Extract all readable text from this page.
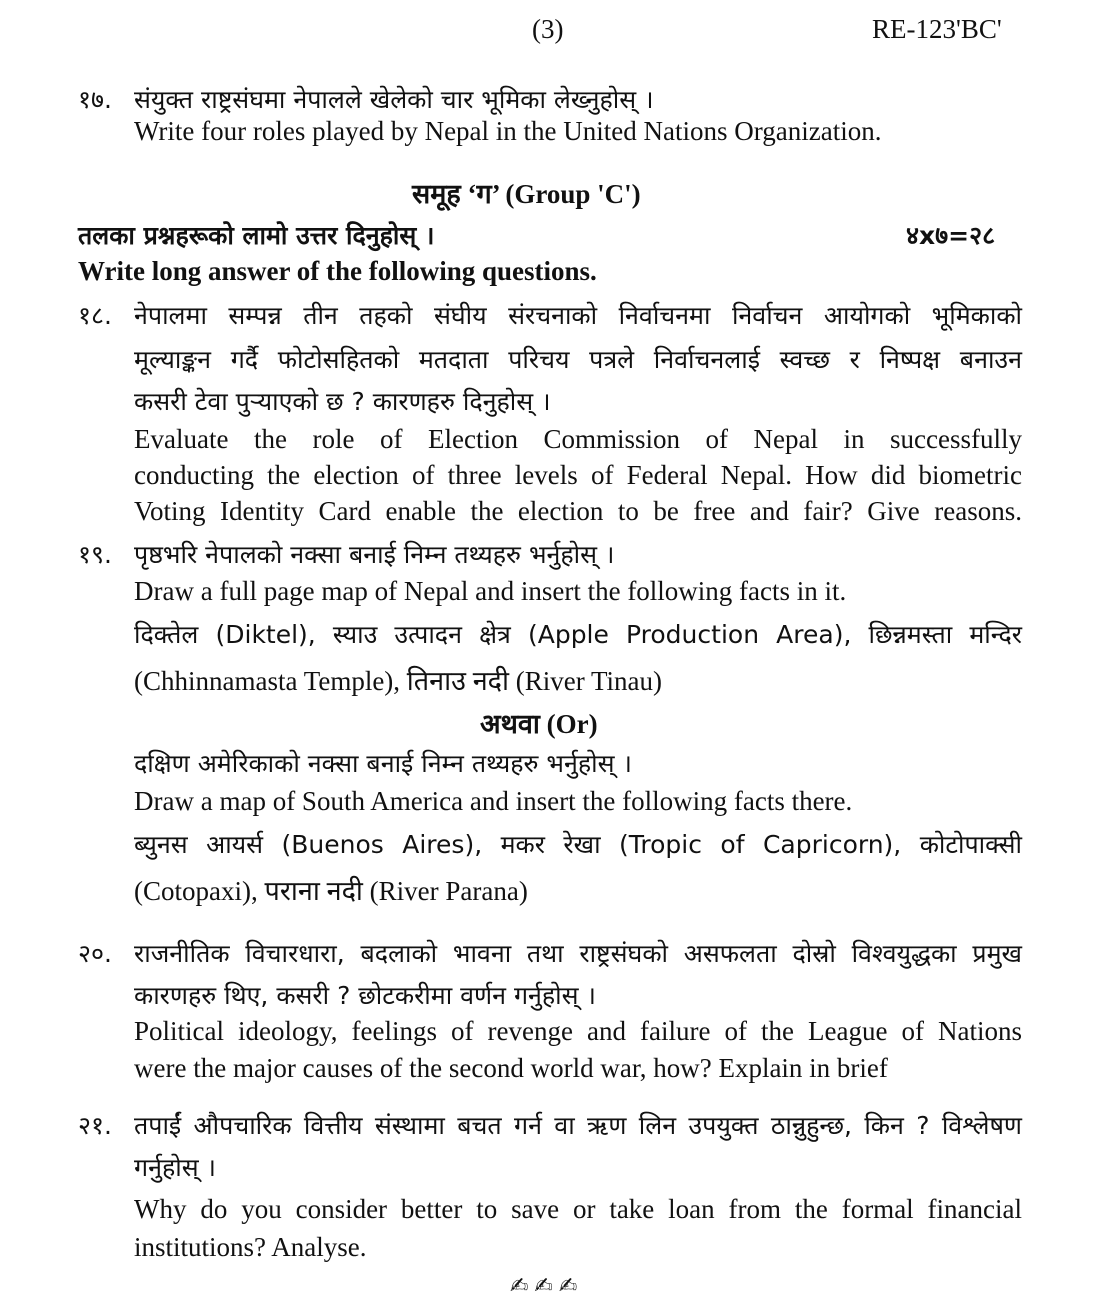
(3)	RE-123'BC'
१७. संयुक्त राष्ट्रसंघमा नेपालले खेलेको चार भूमिका लेख्नुहोस् ।
Write four roles played by Nepal in the United Nations Organization.
समूह ‘ग’ (Group 'C')
तलका प्रश्नहरूको लामो उत्तर दिनुहोस् ।	४x७=२८
Write long answer of the following questions.
१८. नेपालमा सम्पन्न तीन तहको संघीय संरचनाको निर्वाचनमा निर्वाचन आयोगको भूमिकाको
मूल्याङ्कन गर्दै फोटोसहितको मतदाता परिचय पत्रले निर्वाचनलाई स्वच्छ र निष्पक्ष बनाउन
कसरी टेवा पुऱ्याएको छ ? कारणहरु दिनुहोस् ।
Evaluate the role of Election Commission of Nepal in successfully
conducting the election of three levels of Federal Nepal. How did biometric
Voting Identity Card enable the election to be free and fair? Give reasons.
१९. पृष्ठभरि नेपालको नक्सा बनाई निम्न तथ्यहरु भर्नुहोस् ।
Draw a full page map of Nepal and insert the following facts in it.
दिक्तेल (Diktel), स्याउ उत्पादन क्षेत्र (Apple Production Area), छिन्नमस्ता मन्दिर
(Chhinnamasta Temple), तिनाउ नदी (River Tinau)
अथवा (Or)
दक्षिण अमेरिकाको नक्सा बनाई निम्न तथ्यहरु भर्नुहोस् ।
Draw a map of South America and insert the following facts there.
ब्युनस आयर्स (Buenos Aires), मकर रेखा (Tropic of Capricorn), कोटोपाक्सी
(Cotopaxi), पराना नदी (River Parana)
२०. राजनीतिक विचारधारा, बदलाको भावना तथा राष्ट्रसंघको असफलता दोस्रो विश्वयुद्धका प्रमुख
कारणहरु थिए, कसरी ? छोटकरीमा वर्णन गर्नुहोस् ।
Political ideology, feelings of revenge and failure of the League of Nations
were the major causes of the second world war, how? Explain in brief
२१. तपाईं औपचारिक वित्तीय संस्थामा बचत गर्न वा ऋण लिन उपयुक्त ठान्नुहुन्छ, किन ? विश्लेषण
गर्नुहोस् ।
Why do you consider better to save or take loan from the formal financial
institutions? Analyse.
✍✍✍
